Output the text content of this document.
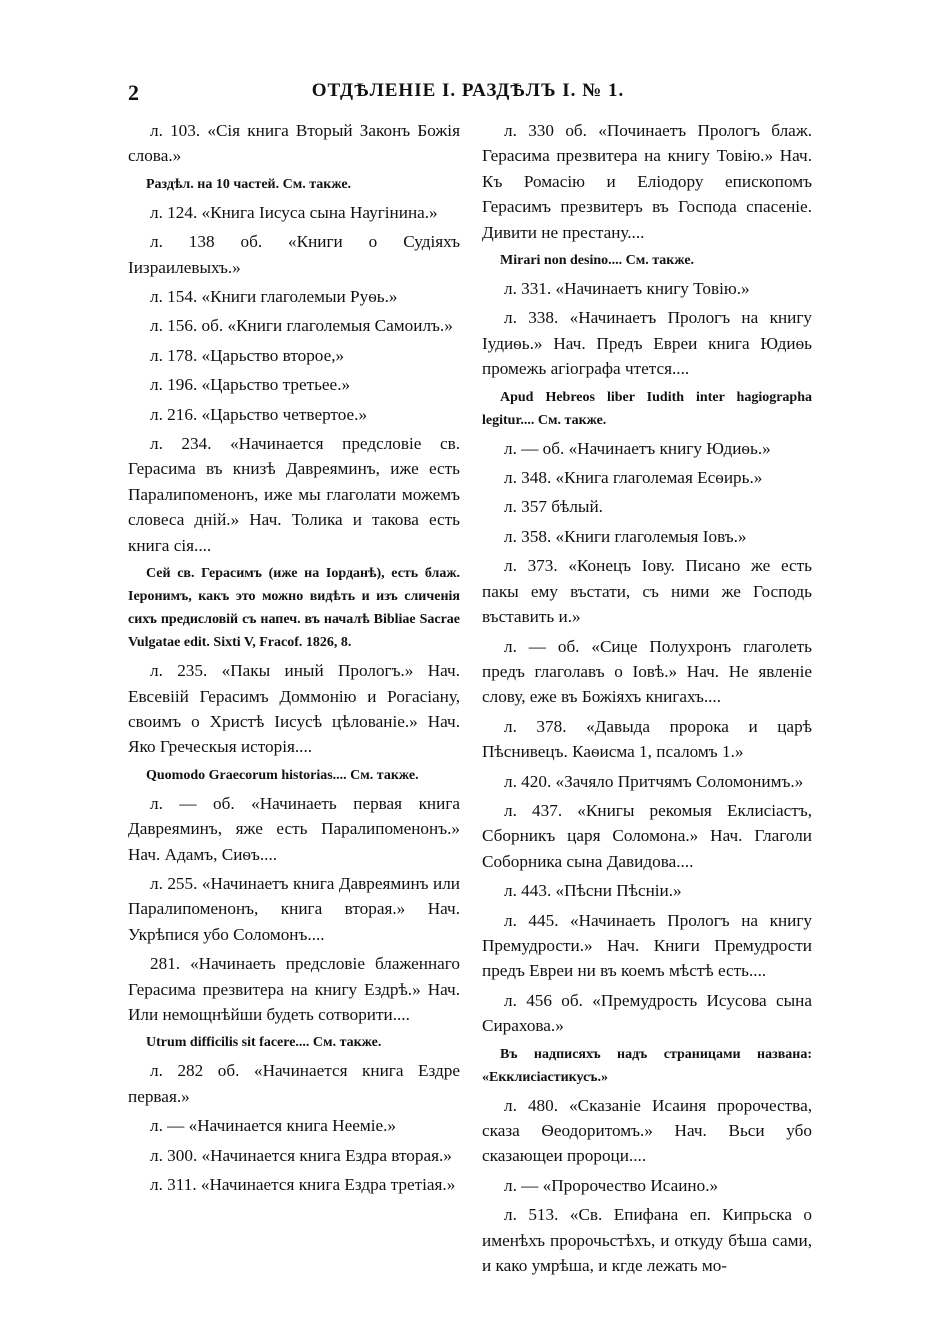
2	ОТДѢЛЕНІЕ I. РАЗДѢЛЪ I. № 1.

л. 103. «Сія книга Вторый Законъ Божія слова.»

Раздѣл. на 10 частей. См. также.

л. 124. «Книга Іисуса сына Наугінина.»

л. 138 об. «Книги о Судіяхъ Іизраилевыхъ.»

л. 154. «Книги глаголемыи Руѳь.»

л. 156. об. «Книги глаголемыя Самоилъ.»

л. 178. «Царьство второе,»

л. 196. «Царьство третьее.»

л. 216. «Царьство четвертое.»

л. 234. «Начинается предсловіе св. Герасима въ книзѣ Давреяминъ, иже есть Паралипоменонъ, иже мы глаголати можемъ словеса днiй.» Нач. Толика и такова есть книга сія....

Сей св. Герасимъ (иже на Іорданѣ), есть блаж. Іеронимъ, какъ это можно видѣть и изъ сличенія сихъ предисловій съ напеч. въ началѣ Bibliae Sacrae Vulgatae edit. Sixti V, Fracof. 1826, 8.

л. 235. «Пакы иный Прологъ.» Нач. Евсевiiй Герасимъ Доммонію и Рогасіану, своимъ о Христѣ Iисусѣ цѣлованіе.» Нач. Яко Греческыя исторія....

Quomodo Graecorum historias.... См. также.

л. — об. «Начинаеть первая книга Давреяминъ, яже есть Паралипоменонъ.» Нач. Адамъ, Сиѳъ....

л. 255. «Начинаетъ книга Давреяминъ или Паралипоменонъ, книга вторая.» Нач. Укрѣпися убо Соломонъ....

281. «Начинаеть предсловіе блаженнаго Герасима презвитера на книгу Ездрѣ.» Нач. Или немощнѣйши будеть сотворити....

Utrum difficilis sit facere.... См. также.

л. 282 об. «Начинается книга Ездре первая.»

л. — «Начинается книга Неемiе.»

л. 300. «Начинается книга Ездра вторая.»

л. 311. «Начинается книга Ездра третiая.»

л. 330 об. «Починаетъ Прологъ блаж. Герасима презвитера на книгу Товію.» Нач. Къ Ромасію и Еліодору епископомъ Герасимъ презвитеръ въ Господа спасеніе. Дивити не престану....

Mirari non desino.... См. также.

л. 331. «Начинаетъ книгу Товію.»

л. 338. «Начинаетъ Прологъ на книгу Іудиѳь.» Нач. Предъ Евреи книга Юдиѳь промежь агіографа чтется....

Apud Hebreos liber Iudith inter hagiographa legitur.... См. также.

л. — об. «Начинаетъ книгу Юдиѳь.»

л. 348. «Книга глаголемая Есѳирь.»

л. 357 бѣлый.

л. 358. «Книги глаголемыя Іовъ.»

л. 373. «Конецъ Іову. Писано же есть пакы ему въстати, съ ними же Господь въставить и.»

л. — об. «Сице Полухронъ глаголеть предъ глаголавъ о Іовѣ.» Нач. Не явленіе слову, еже въ Божіяхъ книгахъ....

л. 378. «Давыда пророка и царѣ Пѣснивецъ. Каѳисма 1, псаломъ 1.»

л. 420. «Зачяло Притчямъ Соломонимъ.»

л. 437. «Книгы рекомыя Еклисіастъ, Сборникъ царя Соломона.» Нач. Глаголи Соборника сына Давидова....

л. 443. «Пѣсни Пѣсніи.»

л. 445. «Начинаеть Прологъ на книгу Премудрости.» Нач. Книги Премудрости предъ Евреи ни въ коемъ мѣстѣ есть....

л. 456 об. «Премудрость Исусова сына Сирахова.»

Въ надписяхъ надъ страницами названа: «Екклисіастикусъ.»

л. 480. «Сказаніе Исаиня пророчества, сказа Ѳеодоритомъ.» Нач. Вьси убо сказающеи пророци....

л. — «Пророчество Исаино.»

л. 513. «Св. Епифана еп. Кипрьска о именѣхъ пророчьстѣхъ, и откуду бѣша сами, и како умрѣша, и кгде лежать мо-
